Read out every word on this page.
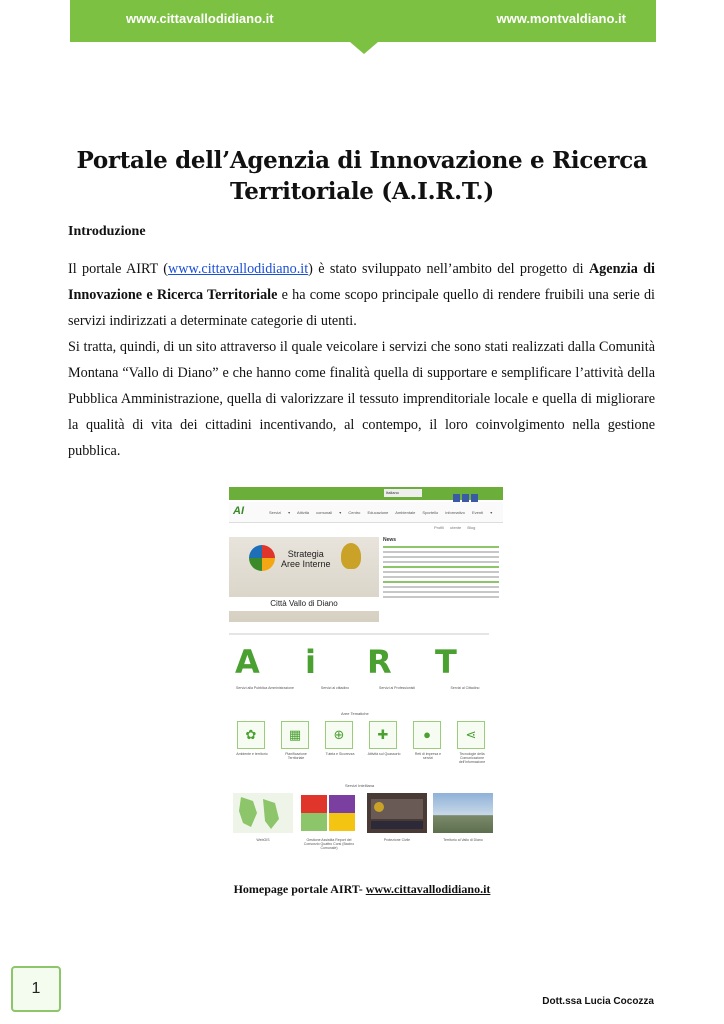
www.cittavallodidiano.it	www.montvaldiano.it
Portale dell’Agenzia di Innovazione e Ricerca Territoriale (A.I.R.T.)
Introduzione

Il portale AIRT (www.cittavallodidiano.it) è stato sviluppato nell’ambito del progetto di Agenzia di Innovazione e Ricerca Territoriale e ha come scopo principale quello di rendere fruibili una serie di servizi indirizzati a determinate categorie di utenti.

Si tratta, quindi, di un sito attraverso il quale veicolare i servizi che sono stati realizzati dalla Comunità Montana “Vallo di Diano” e che hanno come finalità quella di supportare e semplificare l’attività della Pubblica Amministrazione, quella di valorizzare il tessuto imprenditoriale locale e quella di migliorare la qualità di vita dei cittadini incentivando, al contempo, il loro coinvolgimento nella gestione pubblica.

Italiano
AI	Servizi ▾ Attività comunali ▾ Centro Educazione Ambientale Sportello informativo Eventi ▾
Profili utente Blog
Strategia
Aree Interne
Città Vallo di Diano
News
A
Servizi alla Pubblica Amministrazione
i
Servizi al cittadino
R
Servizi ai Professionisti
T
Servizi al Cittadino
Aree Tematiche
✿
Ambiente e territorio
▦
Pianificazione Territoriale
⊕
Tutela e Sicurezza
✚
Attività sul Quassorio
●
Reti di impresa e servizi
⋖
Tecnologie della Comunicazione dell'Informazione
Servizi Intelliana
WebGIS	Gestione Assistita Report del Consorzio Quattro Corsi (Bacino Comunale)
Protezione Civile	Territorio al Vallo di Diano
Homepage portale AIRT- www.cittavallodidiano.it
1
Dott.ssa Lucia Cocozza
